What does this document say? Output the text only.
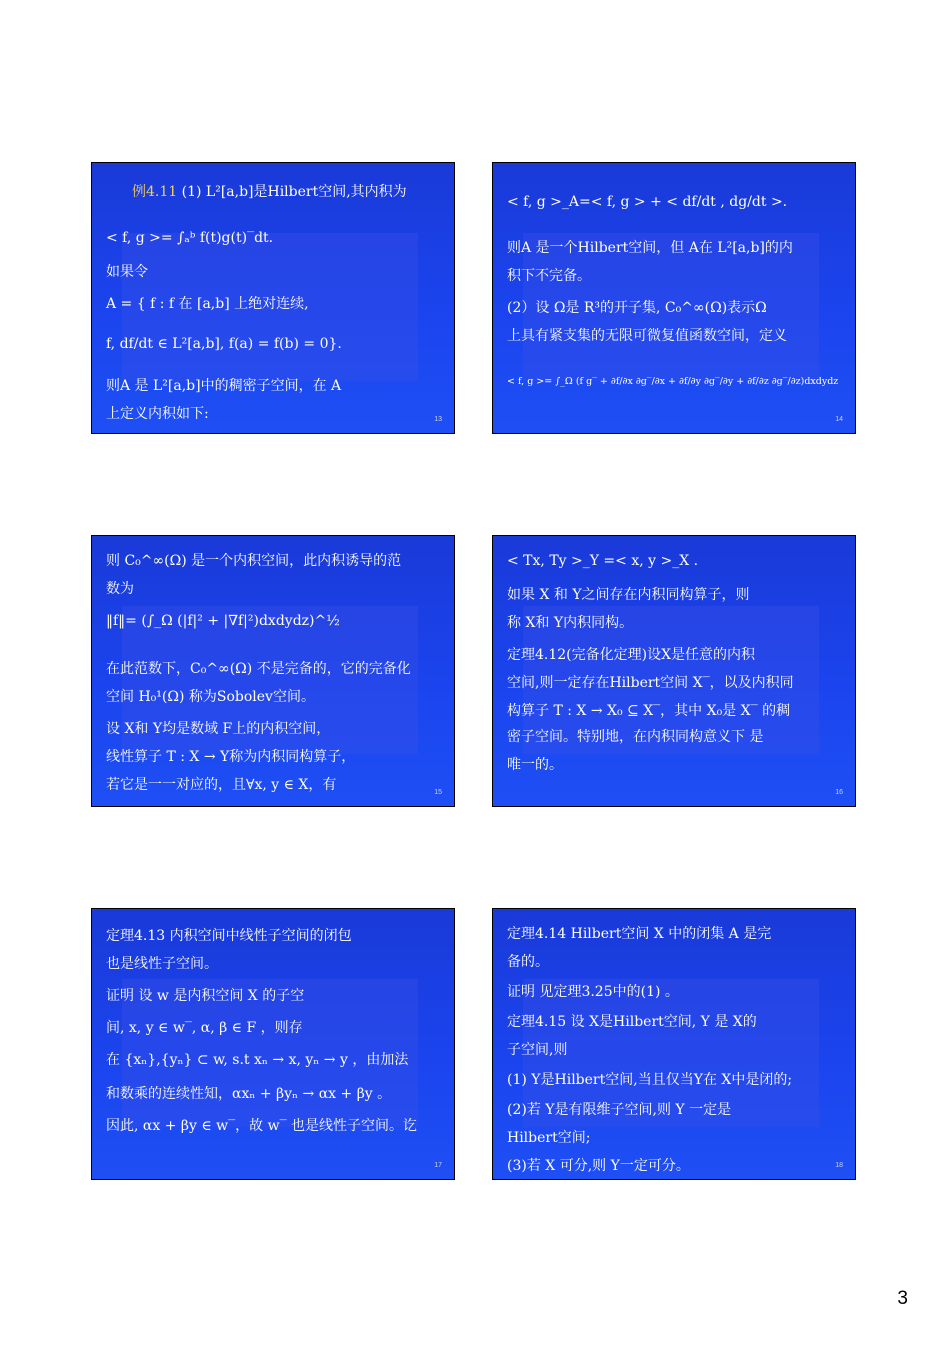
例4.11 (1) L²[a,b]是Hilbert空间,其内积为
< f, g >= ∫ₐᵇ f(t)g(t)‾dt.
如果令
A = { f : f 在 [a,b] 上绝对连续,
f, df/dt ∈ L²[a,b], f(a) = f(b) = 0}.
则A 是 L²[a,b]中的稠密子空间，在 A
上定义内积如下:	13
< f, g >_A=< f, g > + < df/dt , dg/dt >.
则A 是一个Hilbert空间，但 A在 L²[a,b]的内
积下不完备。
(2）设 Ω是 R³的开子集, C₀^∞(Ω)表示Ω
上具有紧支集的无限可微复值函数空间，定义
< f, g >= ∫_Ω (f g‾ + ∂f/∂x ∂g‾/∂x + ∂f/∂y ∂g‾/∂y + ∂f/∂z ∂g‾/∂z)dxdydz
14
则 C₀^∞(Ω) 是一个内积空间，此内积诱导的范
数为
‖f‖= (∫_Ω (|f|² + |∇f|²)dxdydz)^½
在此范数下，C₀^∞(Ω) 不是完备的，它的完备化
空间 H₀¹(Ω) 称为Sobolev空间。
设 X和 Y均是数域 F上的内积空间，
线性算子 T : X → Y称为内积同构算子，
若它是一一对应的，且∀x, y ∈ X，有	15
< Tx, Ty >_Y =< x, y >_X .
如果 X 和 Y之间存在内积同构算子，则
称 X和 Y内积同构。
定理4.12(完备化定理)设X是任意的内积
空间,则一定存在Hilbert空间 X‾，以及内积同
构算子 T : X → X₀ ⊆ X‾，其中 X₀是 X‾ 的稠
密子空间。特别地，在内积同构意义下 是
唯一的。
16
定理4.13 内积空间中线性子空间的闭包
也是线性子空间。
证明 设 w 是内积空间 X 的子空
间, x, y ∈ w‾, α, β ∈ F ，则存
在 {xₙ},{yₙ} ⊂ w, s.t xₙ → x, yₙ → y ，由加法
和数乘的连续性知，αxₙ + βyₙ → αx + βy 。
因此, αx + βy ∈ w‾，故 w‾ 也是线性子空间。讫
17
定理4.14 Hilbert空间 X 中的闭集 A 是完
备的。
证明 见定理3.25中的(1) 。
定理4.15 设 X是Hilbert空间, Y 是 X的
子空间,则
(1) Y是Hilbert空间,当且仅当Y在 X中是闭的;
(2)若 Y是有限维子空间,则 Y 一定是
Hilbert空间;
(3)若 X 可分,则 Y一定可分。	18
3
